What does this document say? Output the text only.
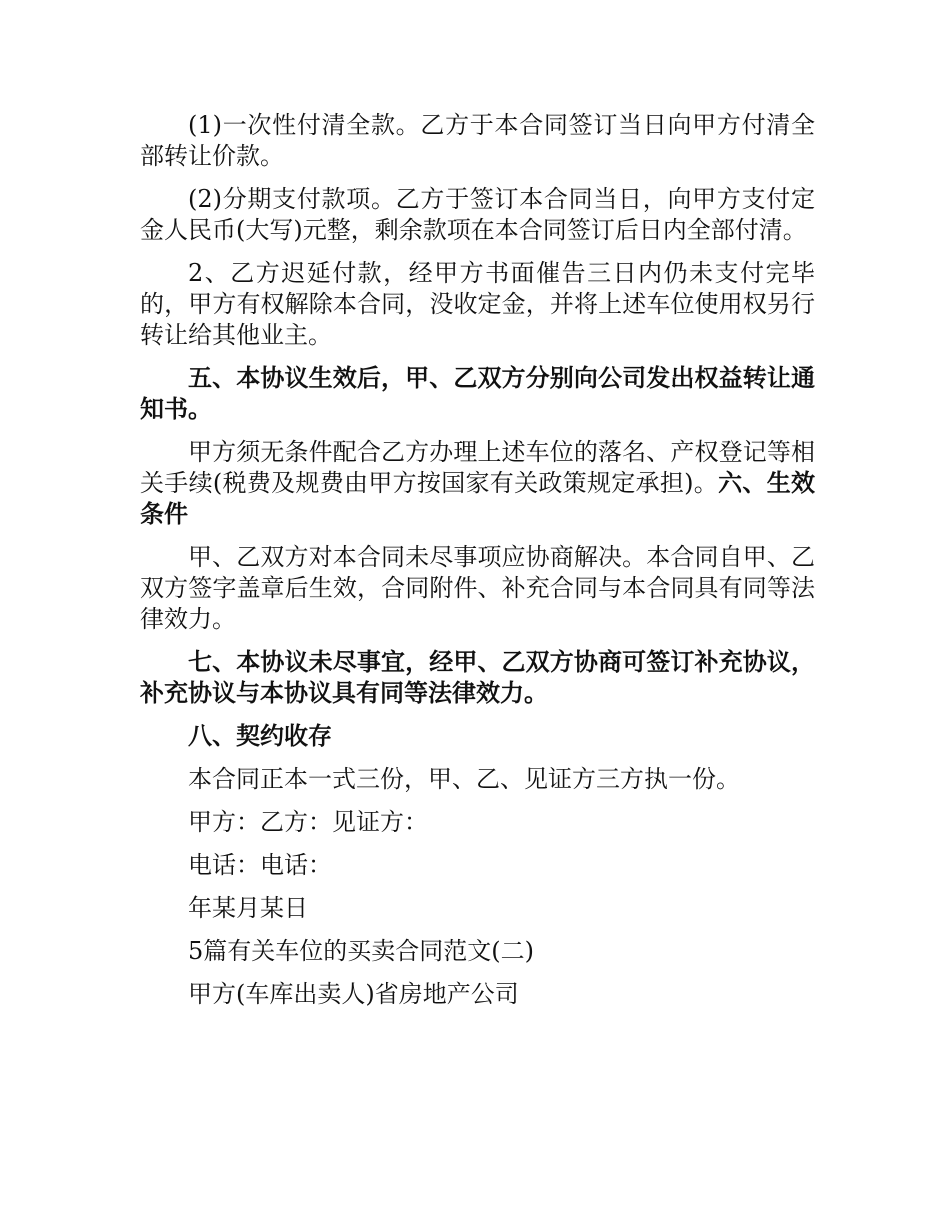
(1)一次性付清全款。乙方于本合同签订当日向甲方付清全部转让价款。

(2)分期支付款项。乙方于签订本合同当日，向甲方支付定金人民币(大写)元整，剩余款项在本合同签订后日内全部付清。

2、乙方迟延付款，经甲方书面催告三日内仍未支付完毕的，甲方有权解除本合同，没收定金，并将上述车位使用权另行转让给其他业主。

五、本协议生效后，甲、乙双方分别向公司发出权益转让通知书。

甲方须无条件配合乙方办理上述车位的落名、产权登记等相关手续(税费及规费由甲方按国家有关政策规定承担)。六、生效条件

甲、乙双方对本合同未尽事项应协商解决。本合同自甲、乙双方签字盖章后生效，合同附件、补充合同与本合同具有同等法律效力。

七、本协议未尽事宜，经甲、乙双方协商可签订补充协议，补充协议与本协议具有同等法律效力。

八、契约收存

本合同正本一式三份，甲、乙、见证方三方执一份。

甲方：乙方：见证方：

电话：电话：

年某月某日

5篇有关车位的买卖合同范文(二)

甲方(车库出卖人)省房地产公司
